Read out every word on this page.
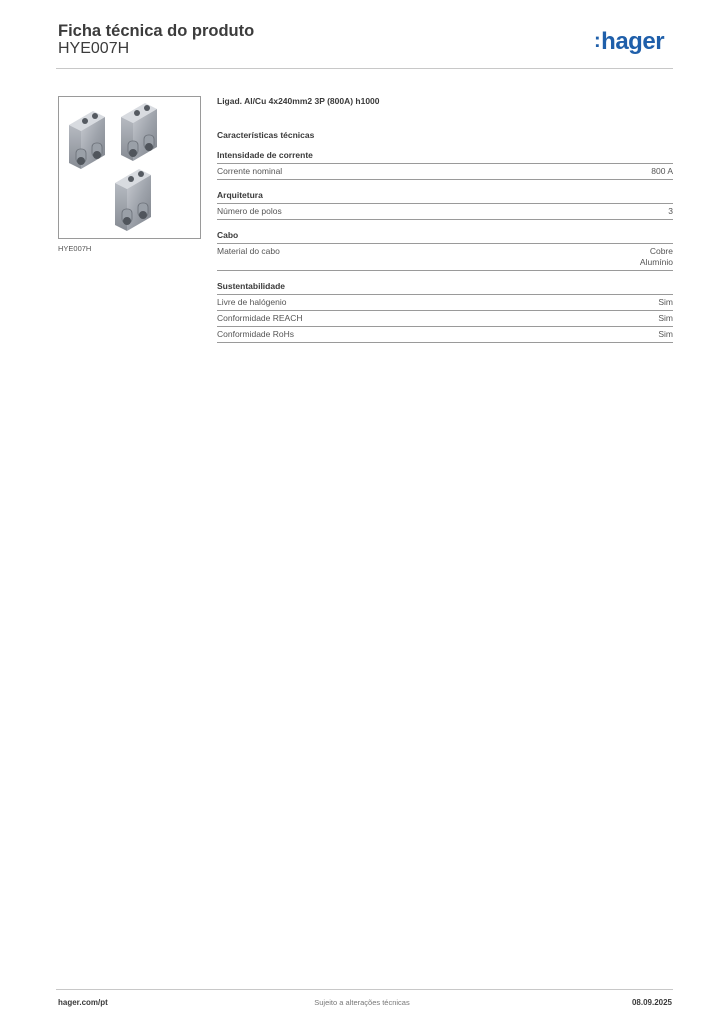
Ficha técnica do produto
HYE007H	:hager
HYE007H
Ligad. Al/Cu 4x240mm2 3P (800A) h1000
Características técnicas
Intensidade de corrente
Corrente nominal	800 A
Arquitetura
Número de polos	3
Cabo
Material do cabo	Cobre
Alumínio
Sustentabilidade
Livre de halógenio	Sim
Conformidade REACH	Sim
Conformidade RoHs	Sim
hager.com/pt	Sujeito a alterações técnicas	08.09.2025
